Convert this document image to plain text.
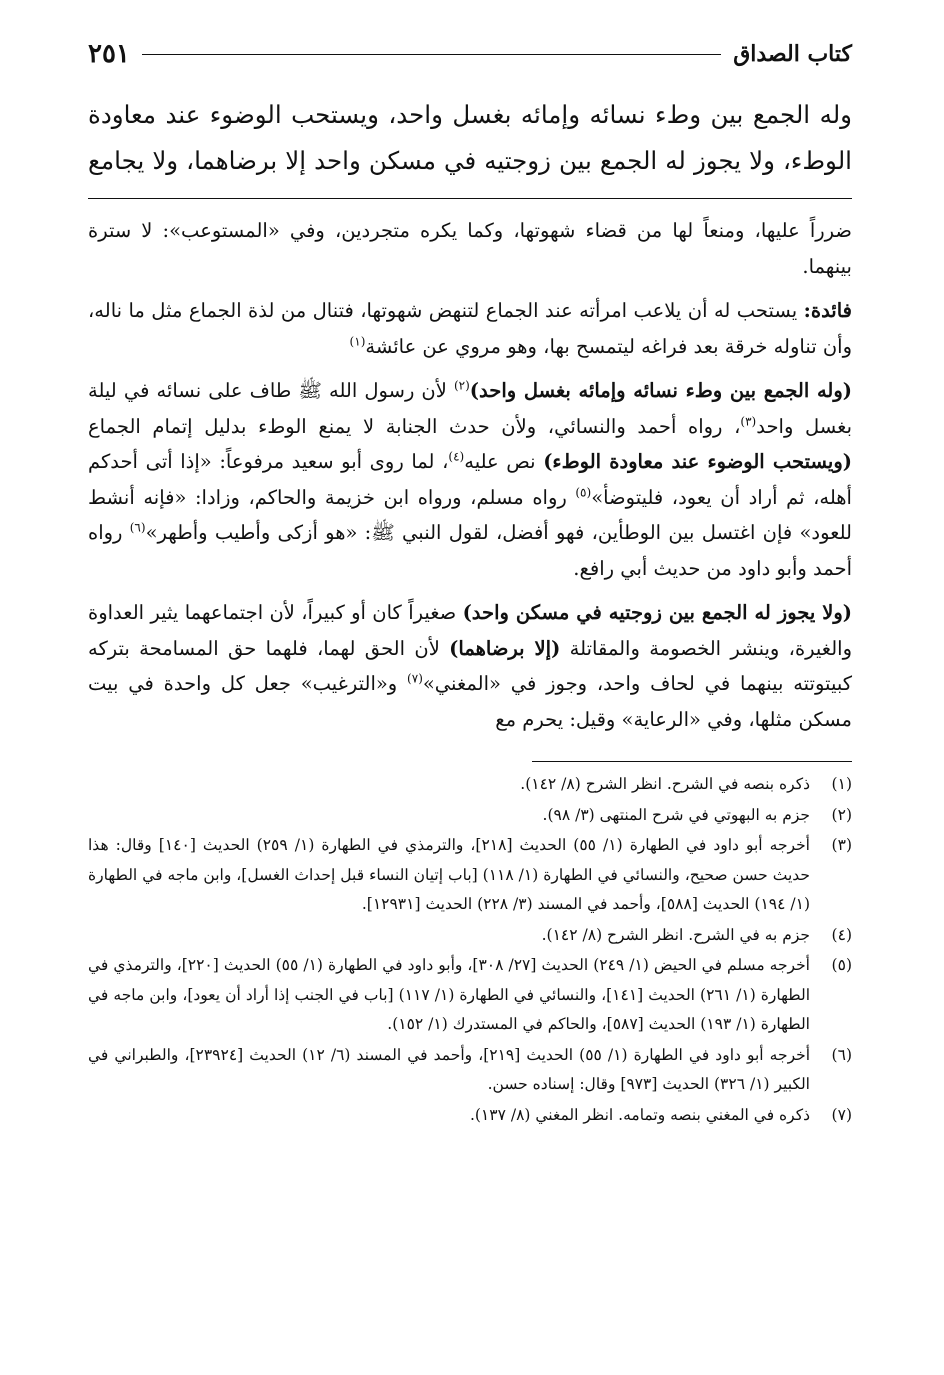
كتاب الصداق
٢٥١
وله الجمع بين وطء نسائه وإمائه بغسل واحد، ويستحب الوضوء عند معاودة الوطء، ولا يجوز له الجمع بين زوجتيه في مسكن واحد إلا برضاهما، ولا يجامع

ضرراً عليها، ومنعاً لها من قضاء شهوتها، وكما يكره متجردين، وفي «المستوعب»: لا سترة بينهما.

فائدة: يستحب له أن يلاعب امرأته عند الجماع لتنهض شهوتها، فتنال من لذة الجماع مثل ما ناله، وأن تناوله خرقة بعد فراغه ليتمسح بها، وهو مروي عن عائشة$^{(١)}$

(وله الجمع بين وطء نسائه وإمائه بغسل واحد)$^{(٢)}$ لأن رسول الله ﷺ طاف على نسائه في ليلة بغسل واحد$^{(٣)}$، رواه أحمد والنسائي، ولأن حدث الجنابة لا يمنع الوطء بدليل إتمام الجماع (ويستحب الوضوء عند معاودة الوطء) نص عليه$^{(٤)}$، لما روى أبو سعيد مرفوعاً: «إذا أتى أحدكم أهله، ثم أراد أن يعود، فليتوضأ»$^{(٥)}$ رواه مسلم، ورواه ابن خزيمة والحاكم، وزادا: «فإنه أنشط للعود» فإن اغتسل بين الوطأين، فهو أفضل، لقول النبي ﷺ: «هو أزكى وأطيب وأطهر»$^{(٦)}$ رواه أحمد وأبو داود من حديث أبي رافع.

(ولا يجوز له الجمع بين زوجتيه في مسكن واحد) صغيراً كان أو كبيراً، لأن اجتماعهما يثير العداوة والغيرة، وينشر الخصومة والمقاتلة (إلا برضاهما) لأن الحق لهما، فلهما حق المسامحة بتركه كبيتوتته بينهما في لحاف واحد، وجوز في «المغني»$^{(٧)}$ و«الترغيب» جعل كل واحدة في بيت مسكن مثلها، وفي «الرعاية» وقيل: يحرم مع

(١)
ذكره بنصه في الشرح. انظر الشرح (٨/ ١٤٢).
(٢)
جزم به البهوتي في شرح المنتهى (٣/ ٩٨).
(٣)
أخرجه أبو داود في الطهارة (١/ ٥٥) الحديث [٢١٨]، والترمذي في الطهارة (١/ ٢٥٩) الحديث [١٤٠] وقال: هذا حديث حسن صحيح، والنسائي في الطهارة (١/ ١١٨) [باب إتيان النساء قبل إحداث الغسل]، وابن ماجه في الطهارة (١/ ١٩٤) الحديث [٥٨٨]، وأحمد في المسند (٣/ ٢٢٨) الحديث [١٢٩٣١].
(٤)
جزم به في الشرح. انظر الشرح (٨/ ١٤٢).
(٥)
أخرجه مسلم في الحيض (١/ ٢٤٩) الحديث [٢٧/ ٣٠٨]، وأبو داود في الطهارة (١/ ٥٥) الحديث [٢٢٠]، والترمذي في الطهارة (١/ ٢٦١) الحديث [١٤١]، والنسائي في الطهارة (١/ ١١٧) [باب في الجنب إذا أراد أن يعود]، وابن ماجه في الطهارة (١/ ١٩٣) الحديث [٥٨٧]، والحاكم في المستدرك (١/ ١٥٢).
(٦)
أخرجه أبو داود في الطهارة (١/ ٥٥) الحديث [٢١٩]، وأحمد في المسند (٦/ ١٢) الحديث [٢٣٩٢٤]، والطبراني في الكبير (١/ ٣٢٦) الحديث [٩٧٣] وقال: إسناده حسن.
(٧)
ذكره في المغني بنصه وتمامه. انظر المغني (٨/ ١٣٧).
